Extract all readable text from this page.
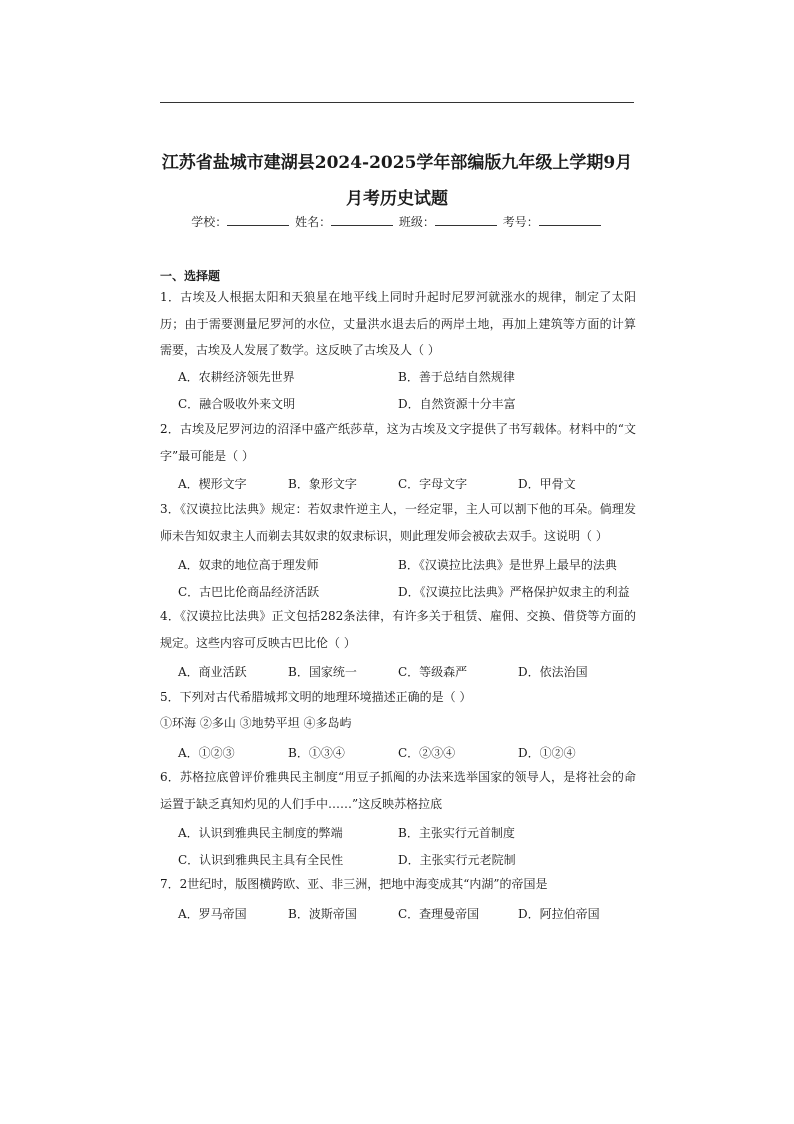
江苏省盐城市建湖县2024-2025学年部编版九年级上学期9月
月考历史试题
学校：	姓名：	班级：	考号：
一、选择题
1．古埃及人根据太阳和天狼星在地平线上同时升起时尼罗河就涨水的规律，制定了太阳历；由于需要测量尼罗河的水位，丈量洪水退去后的两岸土地，再加上建筑等方面的计算需要，古埃及人发展了数学。这反映了古埃及人（ ）
A．农耕经济领先世界	B．善于总结自然规律
C．融合吸收外来文明	D．自然资源十分丰富
2．古埃及尼罗河边的沼泽中盛产纸莎草，这为古埃及文字提供了书写载体。材料中的“文字”最可能是（ ）
A．楔形文字	B．象形文字	C．字母文字	D．甲骨文
3．《汉谟拉比法典》规定：若奴隶忤逆主人，一经定罪，主人可以割下他的耳朵。倘理发师未告知奴隶主人而剃去其奴隶的奴隶标识，则此理发师会被砍去双手。这说明（ ）
A．奴隶的地位高于理发师	B．《汉谟拉比法典》是世界上最早的法典
C．古巴比伦商品经济活跃	D．《汉谟拉比法典》严格保护奴隶主的利益
4．《汉谟拉比法典》正文包括282条法律，有许多关于租赁、雇佣、交换、借贷等方面的规定。这些内容可反映古巴比伦（ ）
A．商业活跃	B．国家统一	C．等级森严	D．依法治国
5．下列对古代希腊城邦文明的地理环境描述正确的是（ ）
①环海 ②多山 ③地势平坦 ④多岛屿
A．①②③	B．①③④	C．②③④	D．①②④
6．苏格拉底曾评价雅典民主制度“用豆子抓阄的办法来选举国家的领导人，是将社会的命运置于缺乏真知灼见的人们手中……”这反映苏格拉底
A．认识到雅典民主制度的弊端	B．主张实行元首制度
C．认识到雅典民主具有全民性	D．主张实行元老院制
7．2世纪时，版图横跨欧、亚、非三洲，把地中海变成其“内湖”的帝国是
A．罗马帝国	B．波斯帝国	C．查理曼帝国	D．阿拉伯帝国
